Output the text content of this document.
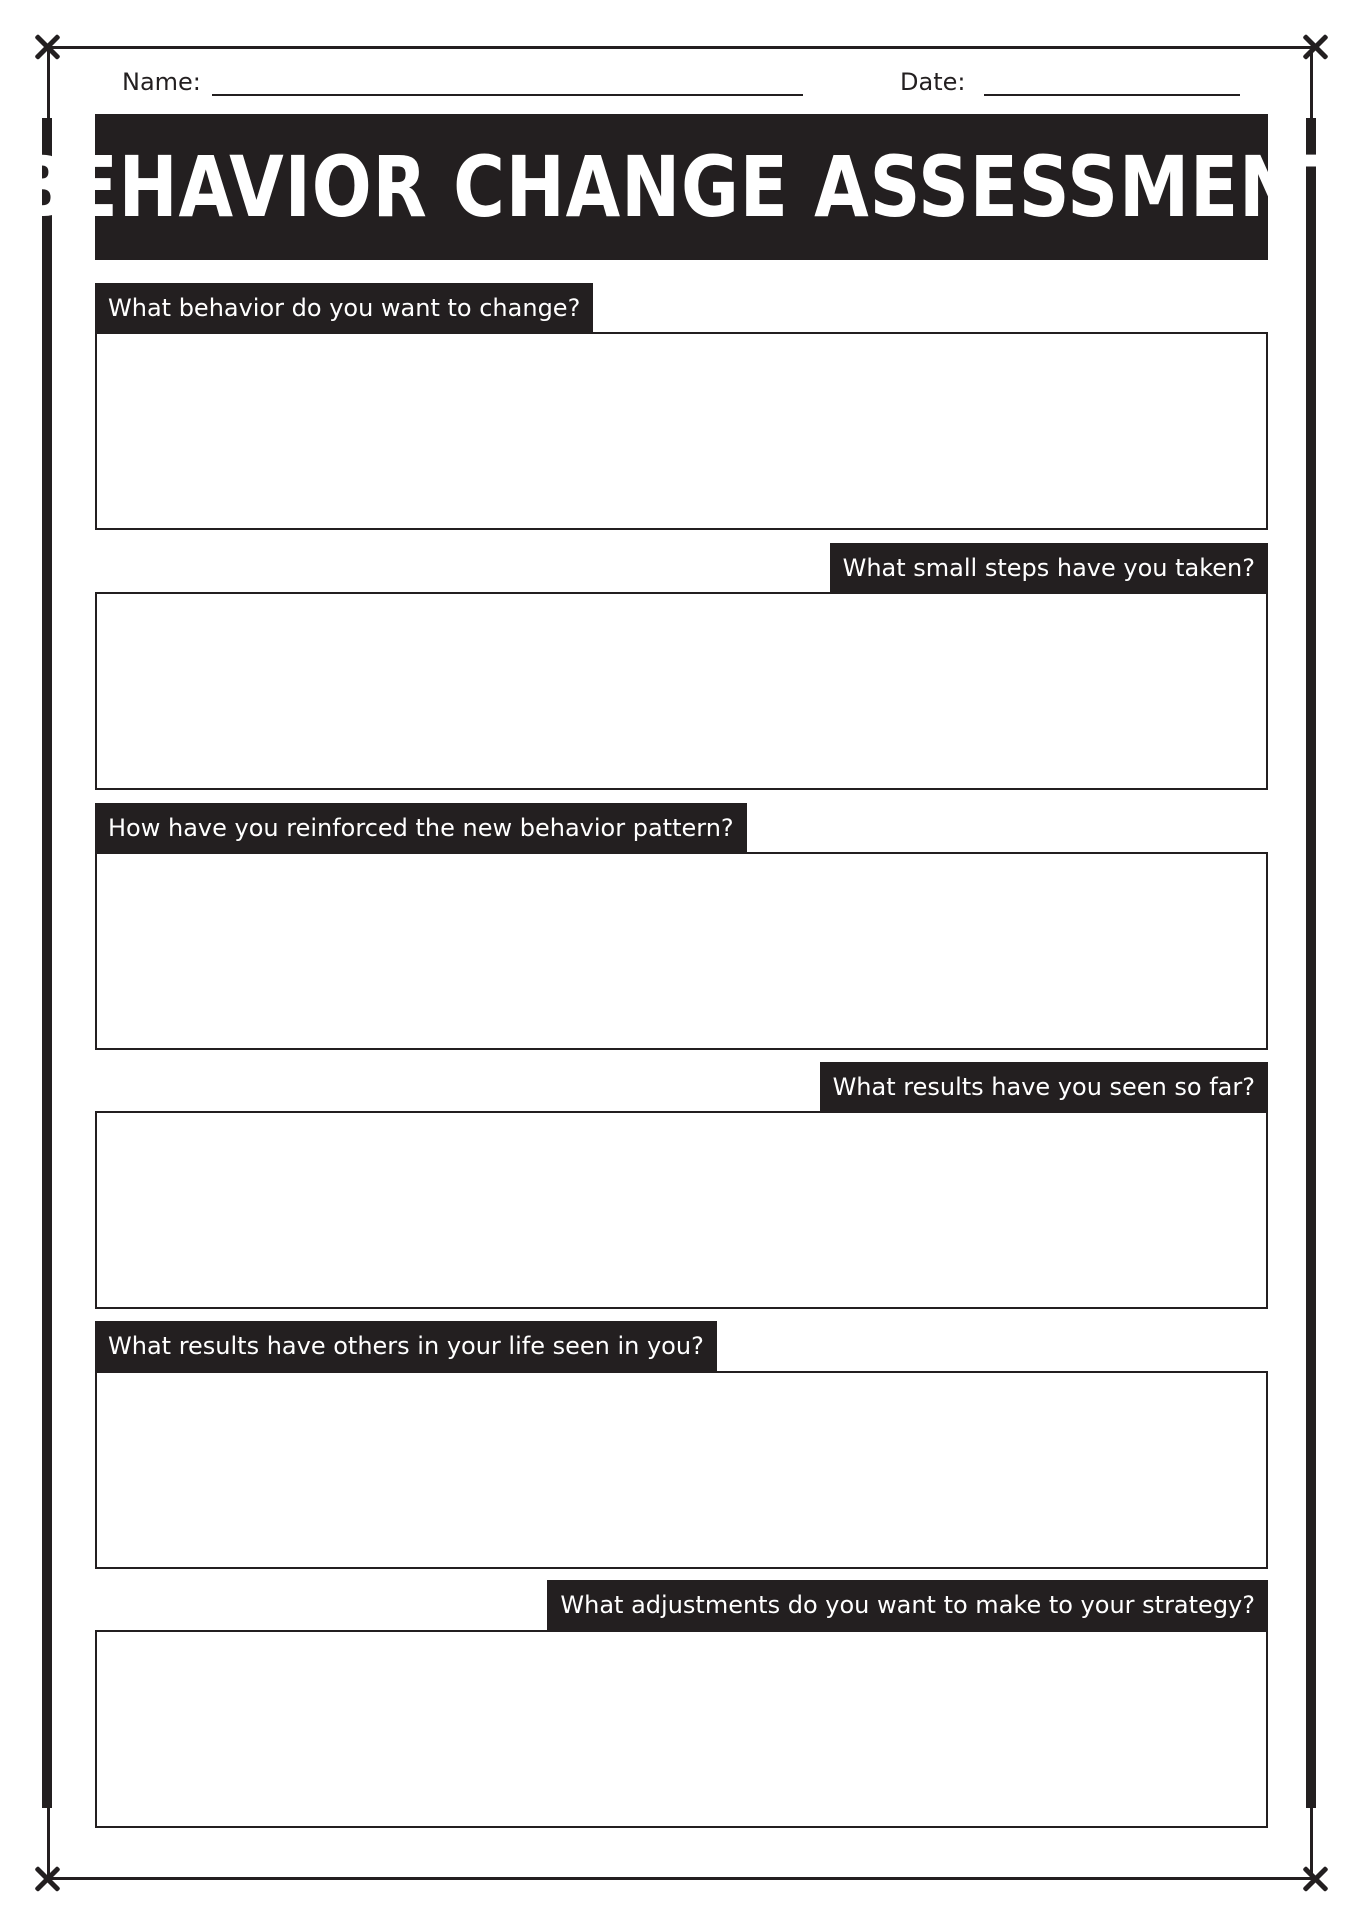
Name:	Date:
BEHAVIOR CHANGE ASSESSMENT
What behavior do you want to change?
What small steps have you taken?
How have you reinforced the new behavior pattern?
What results have you seen so far?
What results have others in your life seen in you?
What adjustments do you want to make to your strategy?
